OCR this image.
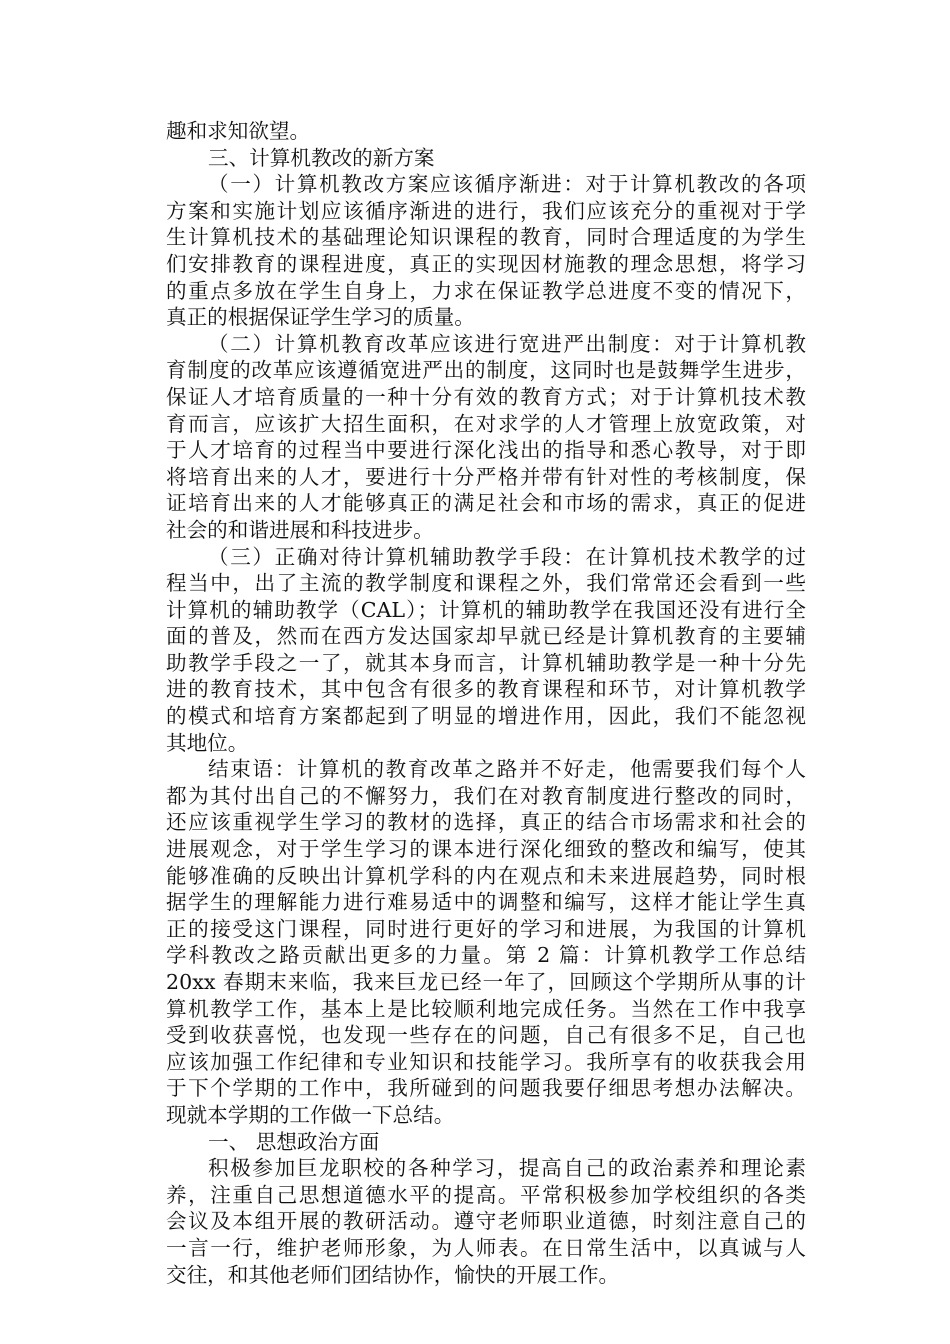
趣和求知欲望。
三、计算机教改的新方案
（一）计算机教改方案应该循序渐进：对于计算机教改的各项
方案和实施计划应该循序渐进的进行，我们应该充分的重视对于学
生计算机技术的基础理论知识课程的教育，同时合理适度的为学生
们安排教育的课程进度，真正的实现因材施教的理念思想，将学习
的重点多放在学生自身上，力求在保证教学总进度不变的情况下，
真正的根据保证学生学习的质量。
（二）计算机教育改革应该进行宽进严出制度：对于计算机教
育制度的改革应该遵循宽进严出的制度，这同时也是鼓舞学生进步，
保证人才培育质量的一种十分有效的教育方式；对于计算机技术教
育而言，应该扩大招生面积，在对求学的人才管理上放宽政策，对
于人才培育的过程当中要进行深化浅出的指导和悉心教导，对于即
将培育出来的人才，要进行十分严格并带有针对性的考核制度，保
证培育出来的人才能够真正的满足社会和市场的需求，真正的促进
社会的和谐进展和科技进步。
（三）正确对待计算机辅助教学手段：在计算机技术教学的过
程当中，出了主流的教学制度和课程之外，我们常常还会看到一些
计算机的辅助教学（CAL）；计算机的辅助教学在我国还没有进行全
面的普及，然而在西方发达国家却早就已经是计算机教育的主要辅
助教学手段之一了，就其本身而言，计算机辅助教学是一种十分先
进的教育技术，其中包含有很多的教育课程和环节，对计算机教学
的模式和培育方案都起到了明显的增进作用，因此，我们不能忽视
其地位。
结束语：计算机的教育改革之路并不好走，他需要我们每个人
都为其付出自己的不懈努力，我们在对教育制度进行整改的同时，
还应该重视学生学习的教材的选择，真正的结合市场需求和社会的
进展观念，对于学生学习的课本进行深化细致的整改和编写，使其
能够准确的反映出计算机学科的内在观点和未来进展趋势，同时根
据学生的理解能力进行难易适中的调整和编写，这样才能让学生真
正的接受这门课程，同时进行更好的学习和进展，为我国的计算机
学科教改之路贡献出更多的力量。第 2 篇：计算机教学工作总结
20xx 春期末来临，我来巨龙已经一年了，回顾这个学期所从事的计
算机教学工作，基本上是比较顺利地完成任务。当然在工作中我享
受到收获喜悦，也发现一些存在的问题，自己有很多不足，自己也
应该加强工作纪律和专业知识和技能学习。我所享有的收获我会用
于下个学期的工作中，我所碰到的问题我要仔细思考想办法解决。
现就本学期的工作做一下总结。
一、 思想政治方面
积极参加巨龙职校的各种学习，提高自己的政治素养和理论素
养，注重自己思想道德水平的提高。平常积极参加学校组织的各类
会议及本组开展的教研活动。遵守老师职业道德，时刻注意自己的
一言一行，维护老师形象，为人师表。在日常生活中，以真诚与人
交往，和其他老师们团结协作，愉快的开展工作。
